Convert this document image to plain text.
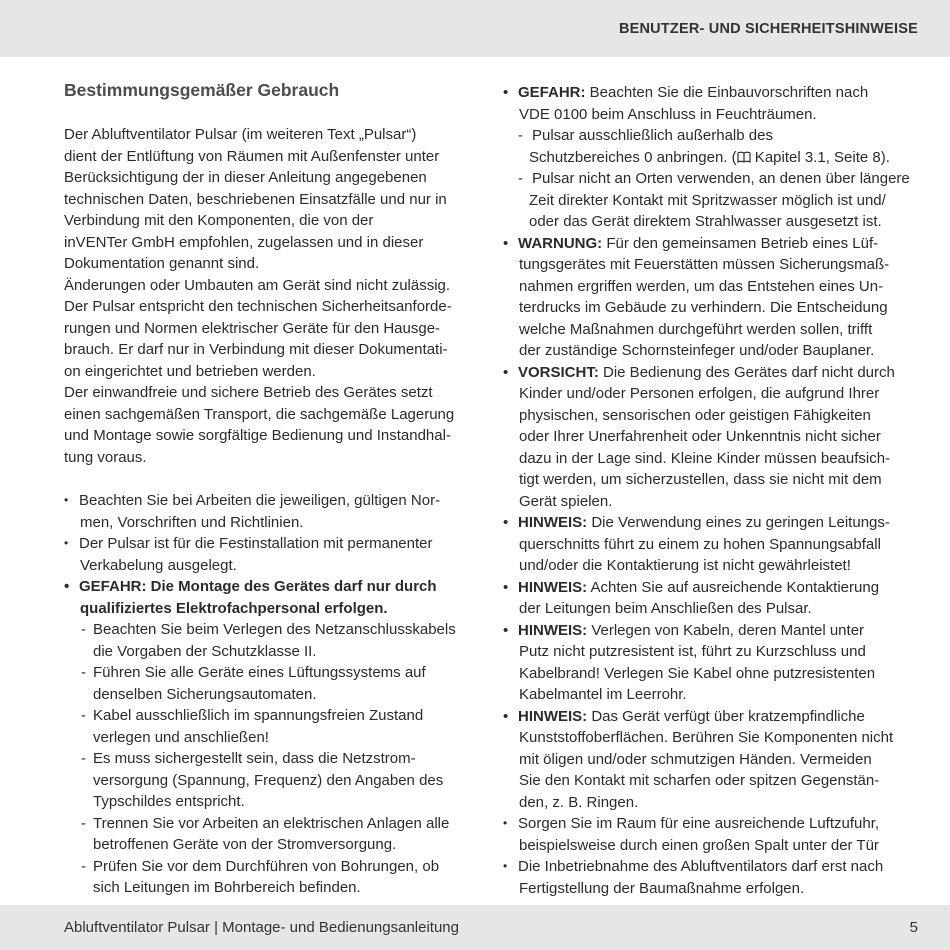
BENUTZER- UND SICHERHEITSHINWEISE
Bestimmungsgemäßer Gebrauch
Der Abluftventilator Pulsar (im weiteren Text „Pulsar“)
dient der Entlüftung von Räumen mit Außenfenster unter
Berücksichtigung der in dieser Anleitung angegebenen
technischen Daten, beschriebenen Einsatzfälle und nur in
Verbindung mit den Komponenten, die von der
inVENTer GmbH empfohlen, zugelassen und in dieser
Dokumentation genannt sind.
Änderungen oder Umbauten am Gerät sind nicht zulässig.
Der Pulsar entspricht den technischen Sicherheitsanforde-
rungen und Normen elektrischer Geräte für den Hausge-
brauch. Er darf nur in Verbindung mit dieser Dokumentati-
on eingerichtet und betrieben werden.
Der einwandfreie und sichere Betrieb des Gerätes setzt
einen sachgemäßen Transport, die sachgemäße Lagerung
und Montage sowie sorgfältige Bedienung und Instandhal-
tung voraus.
• Beachten Sie bei Arbeiten die jeweiligen, gültigen Nor-
men, Vorschriften und Richtlinien.
• Der Pulsar ist für die Festinstallation mit permanenter
Verkabelung ausgelegt.
• GEFAHR: Die Montage des Gerätes darf nur durch
qualifiziertes Elektrofachpersonal erfolgen.
- Beachten Sie beim Verlegen des Netzanschlusskabels
die Vorgaben der Schutzklasse II.
- Führen Sie alle Geräte eines Lüftungssystems auf
denselben Sicherungsautomaten.
- Kabel ausschließlich im spannungsfreien Zustand
verlegen und anschließen!
- Es muss sichergestellt sein, dass die Netzstrom-
versorgung (Spannung, Frequenz) den Angaben des
Typschildes entspricht.
- Trennen Sie vor Arbeiten an elektrischen Anlagen alle
betroffenen Geräte von der Stromversorgung.
- Prüfen Sie vor dem Durchführen von Bohrungen, ob
sich Leitungen im Bohrbereich befinden.
• GEFAHR: Beachten Sie die Einbauvorschriften nach
VDE 0100 beim Anschluss in Feuchträumen.
- Pulsar ausschließlich außerhalb des
Schutzbereiches 0 anbringen. ( Kapitel 3.1, Seite 8).
- Pulsar nicht an Orten verwenden, an denen über längere
Zeit direkter Kontakt mit Spritzwasser möglich ist und/
oder das Gerät direktem Strahlwasser ausgesetzt ist.
• WARNUNG: Für den gemeinsamen Betrieb eines Lüf-
tungsgerätes mit Feuerstätten müssen Sicherungsmaß-
nahmen ergriffen werden, um das Entstehen eines Un-
terdrucks im Gebäude zu verhindern. Die Entscheidung
welche Maßnahmen durchgeführt werden sollen, trifft
der zuständige Schornsteinfeger und/oder Bauplaner.
• VORSICHT: Die Bedienung des Gerätes darf nicht durch
Kinder und/oder Personen erfolgen, die aufgrund Ihrer
physischen, sensorischen oder geistigen Fähigkeiten
oder Ihrer Unerfahrenheit oder Unkenntnis nicht sicher
dazu in der Lage sind. Kleine Kinder müssen beaufsich-
tigt werden, um sicherzustellen, dass sie nicht mit dem
Gerät spielen.
• HINWEIS: Die Verwendung eines zu geringen Leitungs-
querschnitts führt zu einem zu hohen Spannungsabfall
und/oder die Kontaktierung ist nicht gewährleistet!
• HINWEIS: Achten Sie auf ausreichende Kontaktierung
der Leitungen beim Anschließen des Pulsar.
• HINWEIS: Verlegen von Kabeln, deren Mantel unter
Putz nicht putzresistent ist, führt zu Kurzschluss und
Kabelbrand! Verlegen Sie Kabel ohne putzresistenten
Kabelmantel im Leerrohr.
• HINWEIS: Das Gerät verfügt über kratzempfindliche
Kunststoffoberflächen. Berühren Sie Komponenten nicht
mit öligen und/oder schmutzigen Händen. Vermeiden
Sie den Kontakt mit scharfen oder spitzen Gegenstän-
den, z. B. Ringen.
• Sorgen Sie im Raum für eine ausreichende Luftzufuhr,
beispielsweise durch einen großen Spalt unter der Tür
• Die Inbetriebnahme des Abluftventilators darf erst nach
Fertigstellung der Baumaßnahme erfolgen.
Abluftventilator Pulsar | Montage- und Bedienungsanleitung	5
